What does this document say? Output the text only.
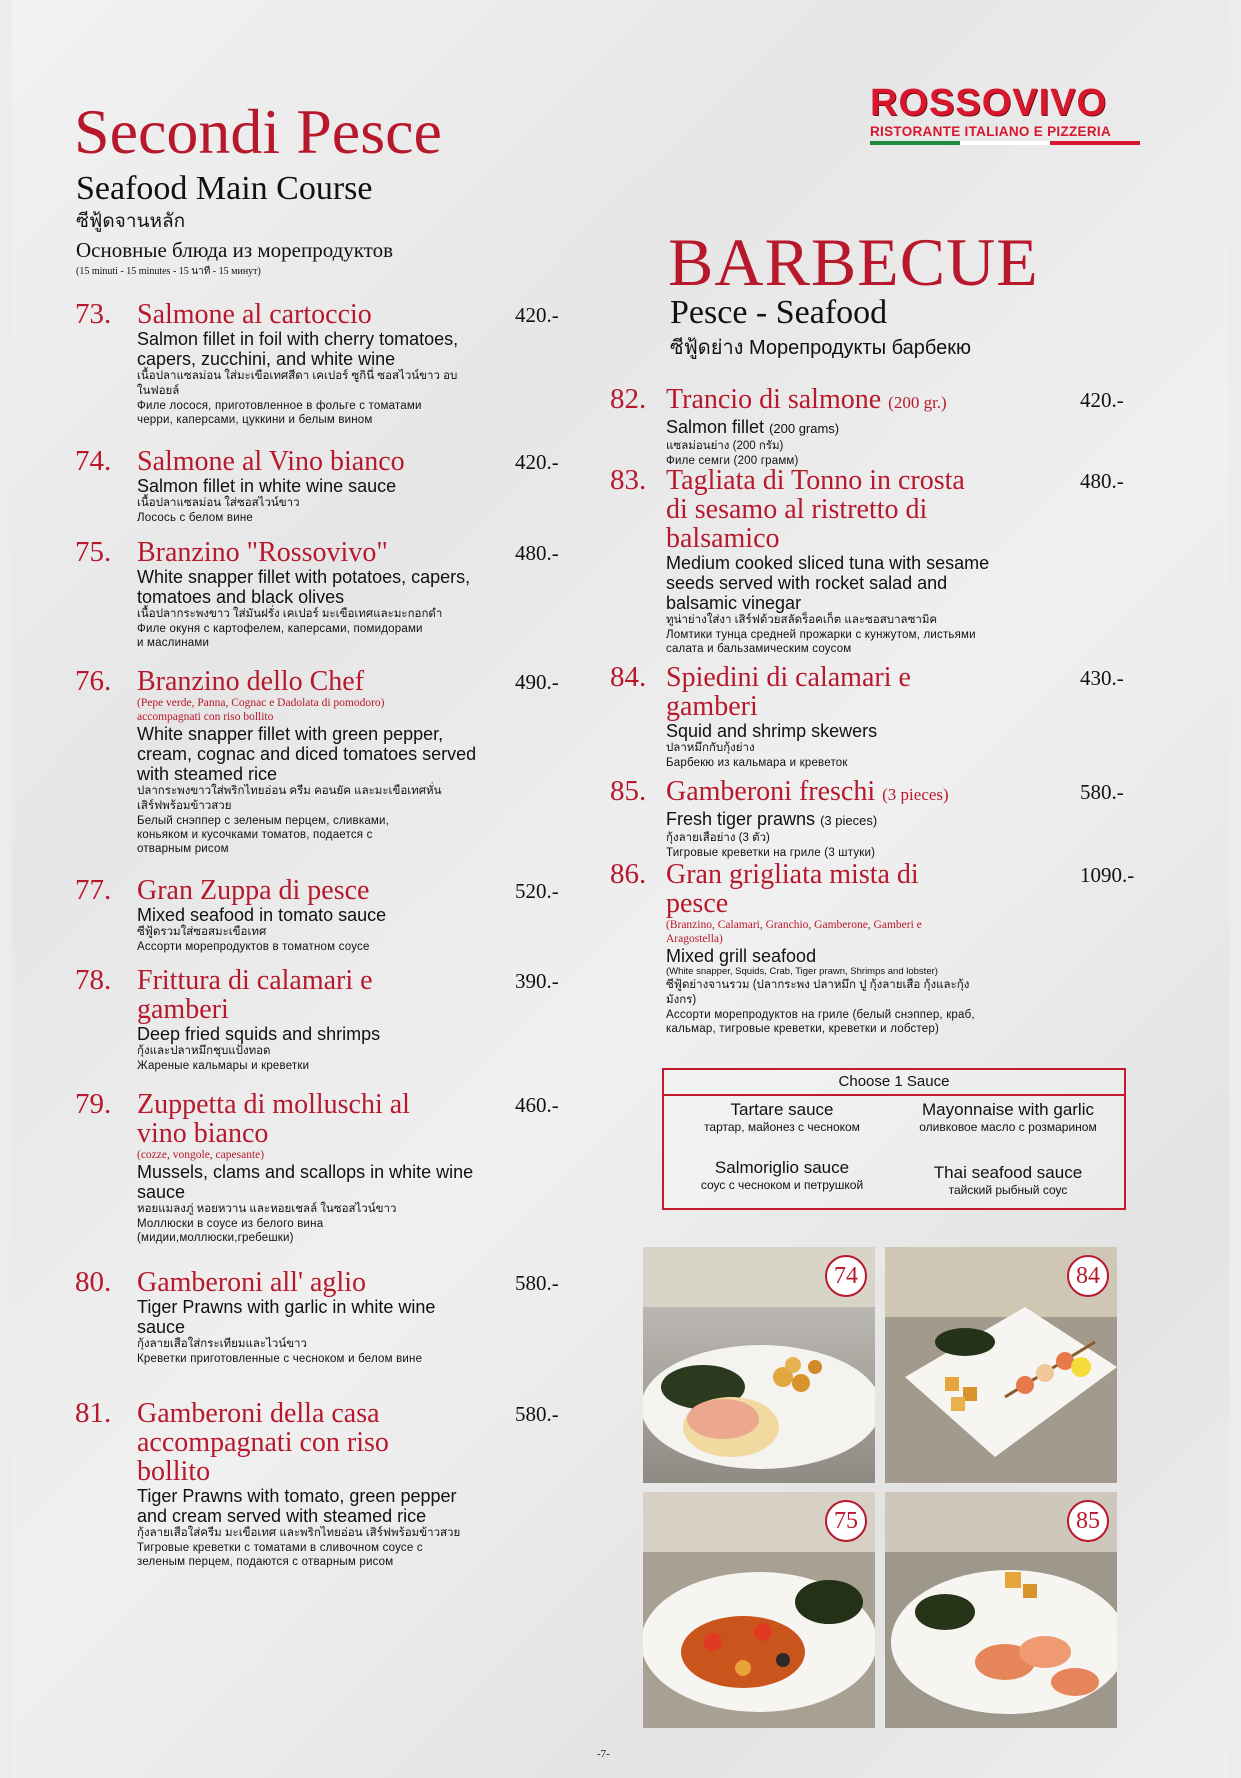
Secondi Pesce
Seafood Main Course
ซีฟู้ดจานหลัก
Основные блюда из морепродуктов
(15 minuti - 15 minutes - 15 นาที - 15 минут)
ROSSOVIVO
RISTORANTE ITALIANO E PIZZERIA
BARBECUE
Pesce - Seafood
ซีฟู้ดย่าง Морепродукты барбекю
73. Salmone al cartoccio
Salmon fillet in foil with cherry tomatoes, capers, zucchini, and white wine
เนื้อปลาแซลม่อน ใส่มะเขือเทศสีดา เคเปอร์ ซูกินี่ ซอสไวน์ขาว อบในฟอยล์
Филе лосося, приготовленное в фольге с томатами черри, каперсами, цуккини и белым вином
420.-
74. Salmone al Vino bianco
Salmon fillet in white wine sauce
เนื้อปลาแซลม่อน ใส่ซอสไวน์ขาว
Лосось с белом вине
420.-
75. Branzino "Rossovivo"
White snapper fillet with potatoes, capers, tomatoes and black olives
เนื้อปลากระพงขาว ใส่มันฝรั่ง เคเปอร์ มะเขือเทศและมะกอกดำ
Филе окуня с картофелем, каперсами, помидорами и маслинами
480.-
76. Branzino dello Chef
(Pepe verde, Panna, Cognac e Dadolata di pomodoro) accompagnati con riso bollito
White snapper fillet with green pepper, cream, cognac and diced tomatoes served with steamed rice
ปลากระพงขาวใส่พริกไทยอ่อน ครีม คอนยัค และมะเขือเทศหั่น เสิร์ฟพร้อมข้าวสวย
Белый снэппер с зеленым перцем, сливками, коньяком и кусочками томатов, подается с отварным рисом
490.-
77. Gran Zuppa di pesce
Mixed seafood in tomato sauce
ซีฟู้ดรวมใส่ซอสมะเขือเทศ
Ассорти морепродуктов в томатном соусе
520.-
78. Frittura di calamari e gamberi
Deep fried squids and shrimps
กุ้งและปลาหมึกชุบแป้งทอด
Жареные кальмары и креветки
390.-
79. Zuppetta di molluschi al vino bianco
(cozze, vongole, capesante)
Mussels, clams and scallops in white wine sauce
หอยแมลงภู่ หอยหวาน และหอยเชลล์ ในซอสไวน์ขาว
Моллюски в соусе из белого вина (мидии,моллюски,гребешки)
460.-
80. Gamberoni all' aglio
Tiger Prawns with garlic in white wine sauce
กุ้งลายเสือใส่กระเทียมและไวน์ขาว
Креветки приготовленные с чесноком и белом вине
580.-
81. Gamberoni della casa accompagnati con riso bollito
Tiger Prawns with tomato, green pepper and cream served with steamed rice
กุ้งลายเสือใส่ครีม มะเขือเทศ และพริกไทยอ่อน เสิร์ฟพร้อมข้าวสวย
Тигровые креветки с томатами в сливочном соусе с зеленым перцем, подаются с отварным рисом
580.-
82. Trancio di salmone (200 gr.)
Salmon fillet (200 grams)
แซลม่อนย่าง (200 กรัม)
Филе семги (200 грамм)
420.-
83. Tagliata di Tonno in crosta di sesamo al ristretto di balsamico
Medium cooked sliced tuna with sesame seeds served with rocket salad and balsamic vinegar
ทูน่าย่างใส่งา เสิร์ฟด้วยสลัดร็อคเก็ต และซอสบาลซามิค
Ломтики тунца средней прожарки с кунжутом, листьями салата и бальзамическим соусом
480.-
84. Spiedini di calamari e gamberi
Squid and shrimp skewers
ปลาหมึกกับกุ้งย่าง
Барбекю из кальмара и креветок
430.-
85. Gamberoni freschi (3 pieces)
Fresh tiger prawns (3 pieces)
กุ้งลายเสือย่าง (3 ตัว)
Тигровые креветки на гриле (3 штуки)
580.-
86. Gran grigliata mista di pesce
(Branzino, Calamari, Granchio, Gamberone, Gamberi e Aragostella)
Mixed grill seafood
(White snapper, Squids, Crab, Tiger prawn, Shrimps and lobster)
ซีฟู้ดย่างจานรวม (ปลากระพง ปลาหมึก ปู กุ้งลายเสือ กุ้งและกุ้งมังกร)
Ассорти морепродуктов на гриле (белый снэппер, краб, кальмар, тигровые креветки, креветки и лобстер)
1090.-
Choose 1 Sauce
Tartare sauce
тартар, майонез с чесноком
Mayonnaise with garlic
оливковое масло с розмарином
Salmoriglio sauce
соус с чесноком и петрушкой
Thai seafood sauce
тайский рыбный соус
74	84
75	85
-7-
